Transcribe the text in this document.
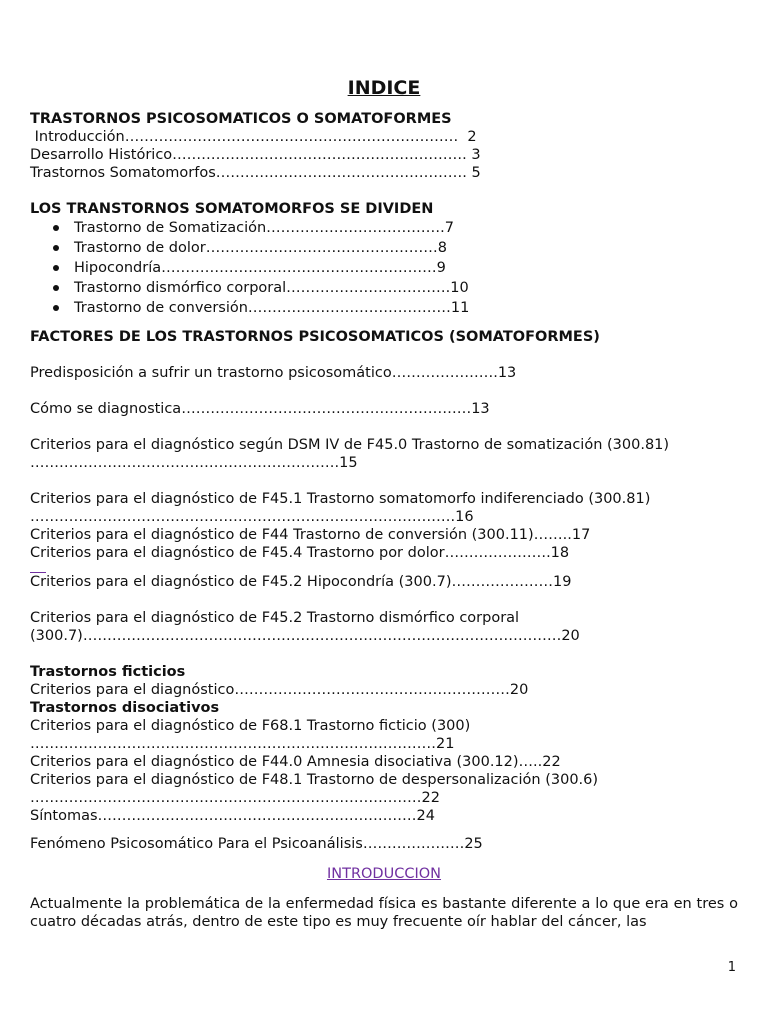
INDICE
TRASTORNOS PSICOSOMATICOS O SOMATOFORMES
Introducción……………………………………………………………  2
Desarrollo Histórico……………………………………………………. 3
Trastornos Somatomorfos……………………………………………. 5
LOS TRANSTORNOS SOMATOMORFOS SE DIVIDEN
Trastorno de Somatización……………………………….7
Trastorno de dolor…………………………………………8
Hipocondría…………………………………………………9
Trastorno dismórfico corporal…………………………….10
Trastorno de conversión……………………………………11
FACTORES DE LOS TRASTORNOS PSICOSOMATICOS (SOMATOFORMES)
Predisposición a sufrir un trastorno psicosomático………………….13
Cómo se diagnostica……………………………………………………13
Criterios para el diagnóstico según DSM IV de F45.0 Trastorno de somatización (300.81)
……………………………………………………….15
Criterios para el diagnóstico de F45.1 Trastorno somatomorfo indiferenciado (300.81)
…………………………………………………………………………….16
Criterios para el diagnóstico de F44 Trastorno de conversión (300.11)……..17
Criterios para el diagnóstico de F45.4 Trastorno por dolor………………….18
Criterios para el diagnóstico de F45.2 Hipocondría (300.7)…………………19
Criterios para el diagnóstico de F45.2 Trastorno dismórfico corporal
(300.7)………………………………………………………………………………………20
Trastornos ficticios
Criterios para el diagnóstico…………………………………………………20
Trastornos disociativos
Criterios para el diagnóstico de F68.1 Trastorno ficticio (300)
…………………………………………………………………………21
Criterios para el diagnóstico de F44.0 Amnesia disociativa (300.12)…..22
Criterios para el diagnóstico de F48.1 Trastorno de despersonalización (300.6)
………………………………………………………………………22
Síntomas…………………………………………………………24
Fenómeno Psicosomático Para el Psicoanálisis…………………25
INTRODUCCION
Actualmente la problemática de la enfermedad física es bastante diferente a lo que era en tres o cuatro décadas atrás, dentro de este tipo es muy frecuente oír hablar del cáncer, las
1
